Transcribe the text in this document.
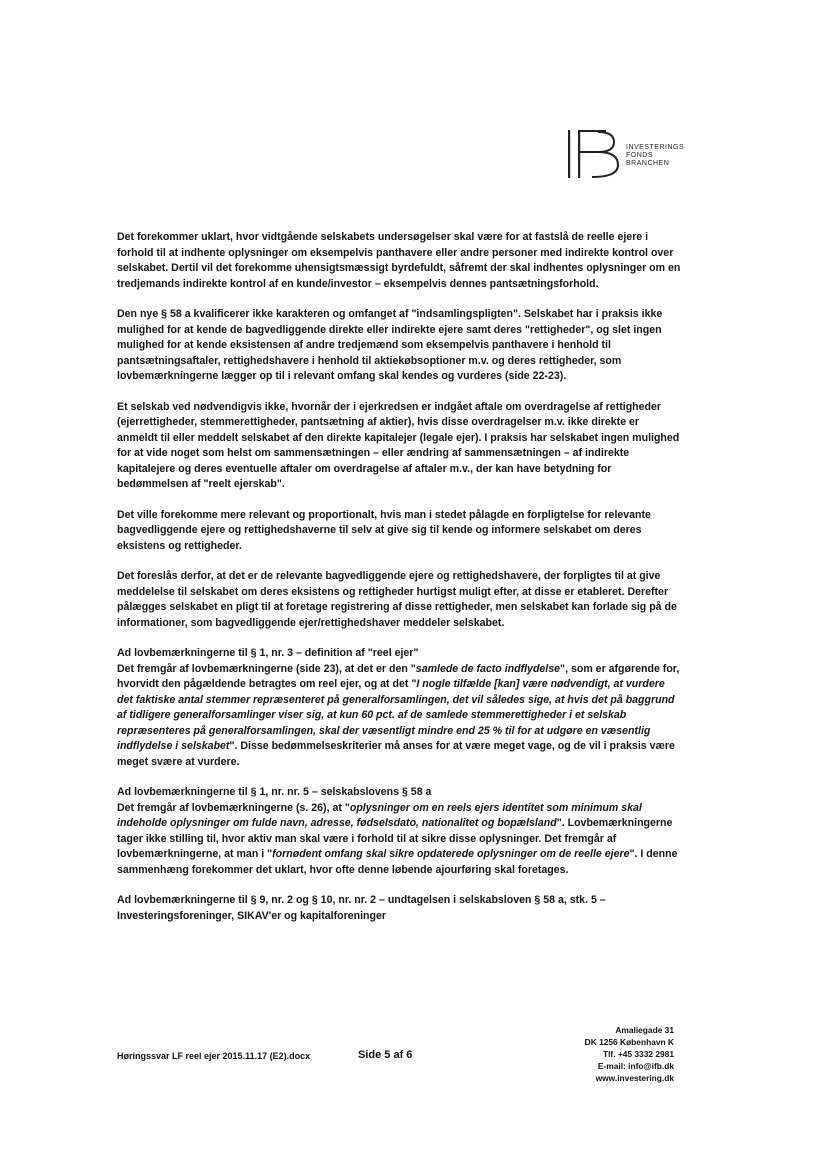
INVESTERINGS
FONDS
BRANCHEN

Det forekommer uklart, hvor vidtgående selskabets undersøgelser skal være for at fastslå de reelle ejere i forhold til at indhente oplysninger om eksempelvis panthavere eller andre personer med indirekte kontrol over selskabet. Dertil vil det forekomme uhensigtsmæssigt byrdefuldt, såfremt der skal indhentes oplysninger om en tredjemands indirekte kontrol af en kunde/investor – eksempelvis dennes pantsætningsforhold.

Den nye § 58 a kvalificerer ikke karakteren og omfanget af "indsamlingspligten". Selskabet har i praksis ikke mulighed for at kende de bagvedliggende direkte eller indirekte ejere samt deres "rettigheder", og slet ingen mulighed for at kende eksistensen af andre tredjemænd som eksempelvis panthavere i henhold til pantsætningsaftaler, rettighedshavere i henhold til aktiekøbsoptioner m.v. og deres rettigheder, som lovbemærkningerne lægger op til i relevant omfang skal kendes og vurderes (side 22-23).

Et selskab ved nødvendigvis ikke, hvornår der i ejerkredsen er indgået aftale om overdragelse af rettigheder (ejerrettigheder, stemmerettigheder, pantsætning af aktier), hvis disse overdragelser m.v. ikke direkte er anmeldt til eller meddelt selskabet af den direkte kapitalejer (legale ejer). I praksis har selskabet ingen mulighed for at vide noget som helst om sammensætningen – eller ændring af sammensætningen – af indirekte kapitalejere og deres eventuelle aftaler om overdragelse af aftaler m.v., der kan have betydning for bedømmelsen af "reelt ejerskab".

Det ville forekomme mere relevant og proportionalt, hvis man i stedet pålagde en forpligtelse for relevante bagvedliggende ejere og rettighedshaverne til selv at give sig til kende og informere selskabet om deres eksistens og rettigheder.

Det foreslås derfor, at det er de relevante bagvedliggende ejere og rettighedshavere, der forpligtes til at give meddelelse til selskabet om deres eksistens og rettigheder hurtigst muligt efter, at disse er etableret. Derefter pålægges selskabet en pligt til at foretage registrering af disse rettigheder, men selskabet kan forlade sig på de informationer, som bagvedliggende ejer/rettighedshaver meddeler selskabet.

Ad lovbemærkningerne til § 1, nr. 3 – definition af "reel ejer"

Det fremgår af lovbemærkningerne (side 23), at det er den "samlede de facto indflydelse", som er afgørende for, hvorvidt den pågældende betragtes om reel ejer, og at det "I nogle tilfælde [kan] være nødvendigt, at vurdere det faktiske antal stemmer repræsenteret på generalforsamlingen, det vil således sige, at hvis det på baggrund af tidligere generalforsamlinger viser sig, at kun 60 pct. af de samlede stemmerettigheder i et selskab repræsenteres på generalforsamlingen, skal der væsentligt mindre end 25 % til for at udgøre en væsentlig indflydelse i selskabet". Disse bedømmelseskriterier må anses for at være meget vage, og de vil i praksis være meget svære at vurdere.

Ad lovbemærkningerne til § 1, nr. nr. 5 – selskabslovens § 58 a

Det fremgår af lovbemærkningerne (s. 26), at "oplysninger om en reels ejers identitet som minimum skal indeholde oplysninger om fulde navn, adresse, fødselsdato, nationalitet og bopælsland". Lovbemærkningerne tager ikke stilling til, hvor aktiv man skal være i forhold til at sikre disse oplysninger. Det fremgår af lovbemærkningerne, at man i "fornødent omfang skal sikre opdaterede oplysninger om de reelle ejere". I denne sammenhæng forekommer det uklart, hvor ofte denne løbende ajourføring skal foretages.

Ad lovbemærkningerne til § 9, nr. 2 og § 10, nr. nr. 2 – undtagelsen i selskabsloven § 58 a, stk. 5 – Investeringsforeninger, SIKAV'er og kapitalforeninger

Høringssvar LF reel ejer 2015.11.17 (E2).docx	Side 5 af 6
Amaliegade 31
DK 1256 København K
Tlf. +45 3332 2981
E-mail: info@ifb.dk
www.investering.dk
